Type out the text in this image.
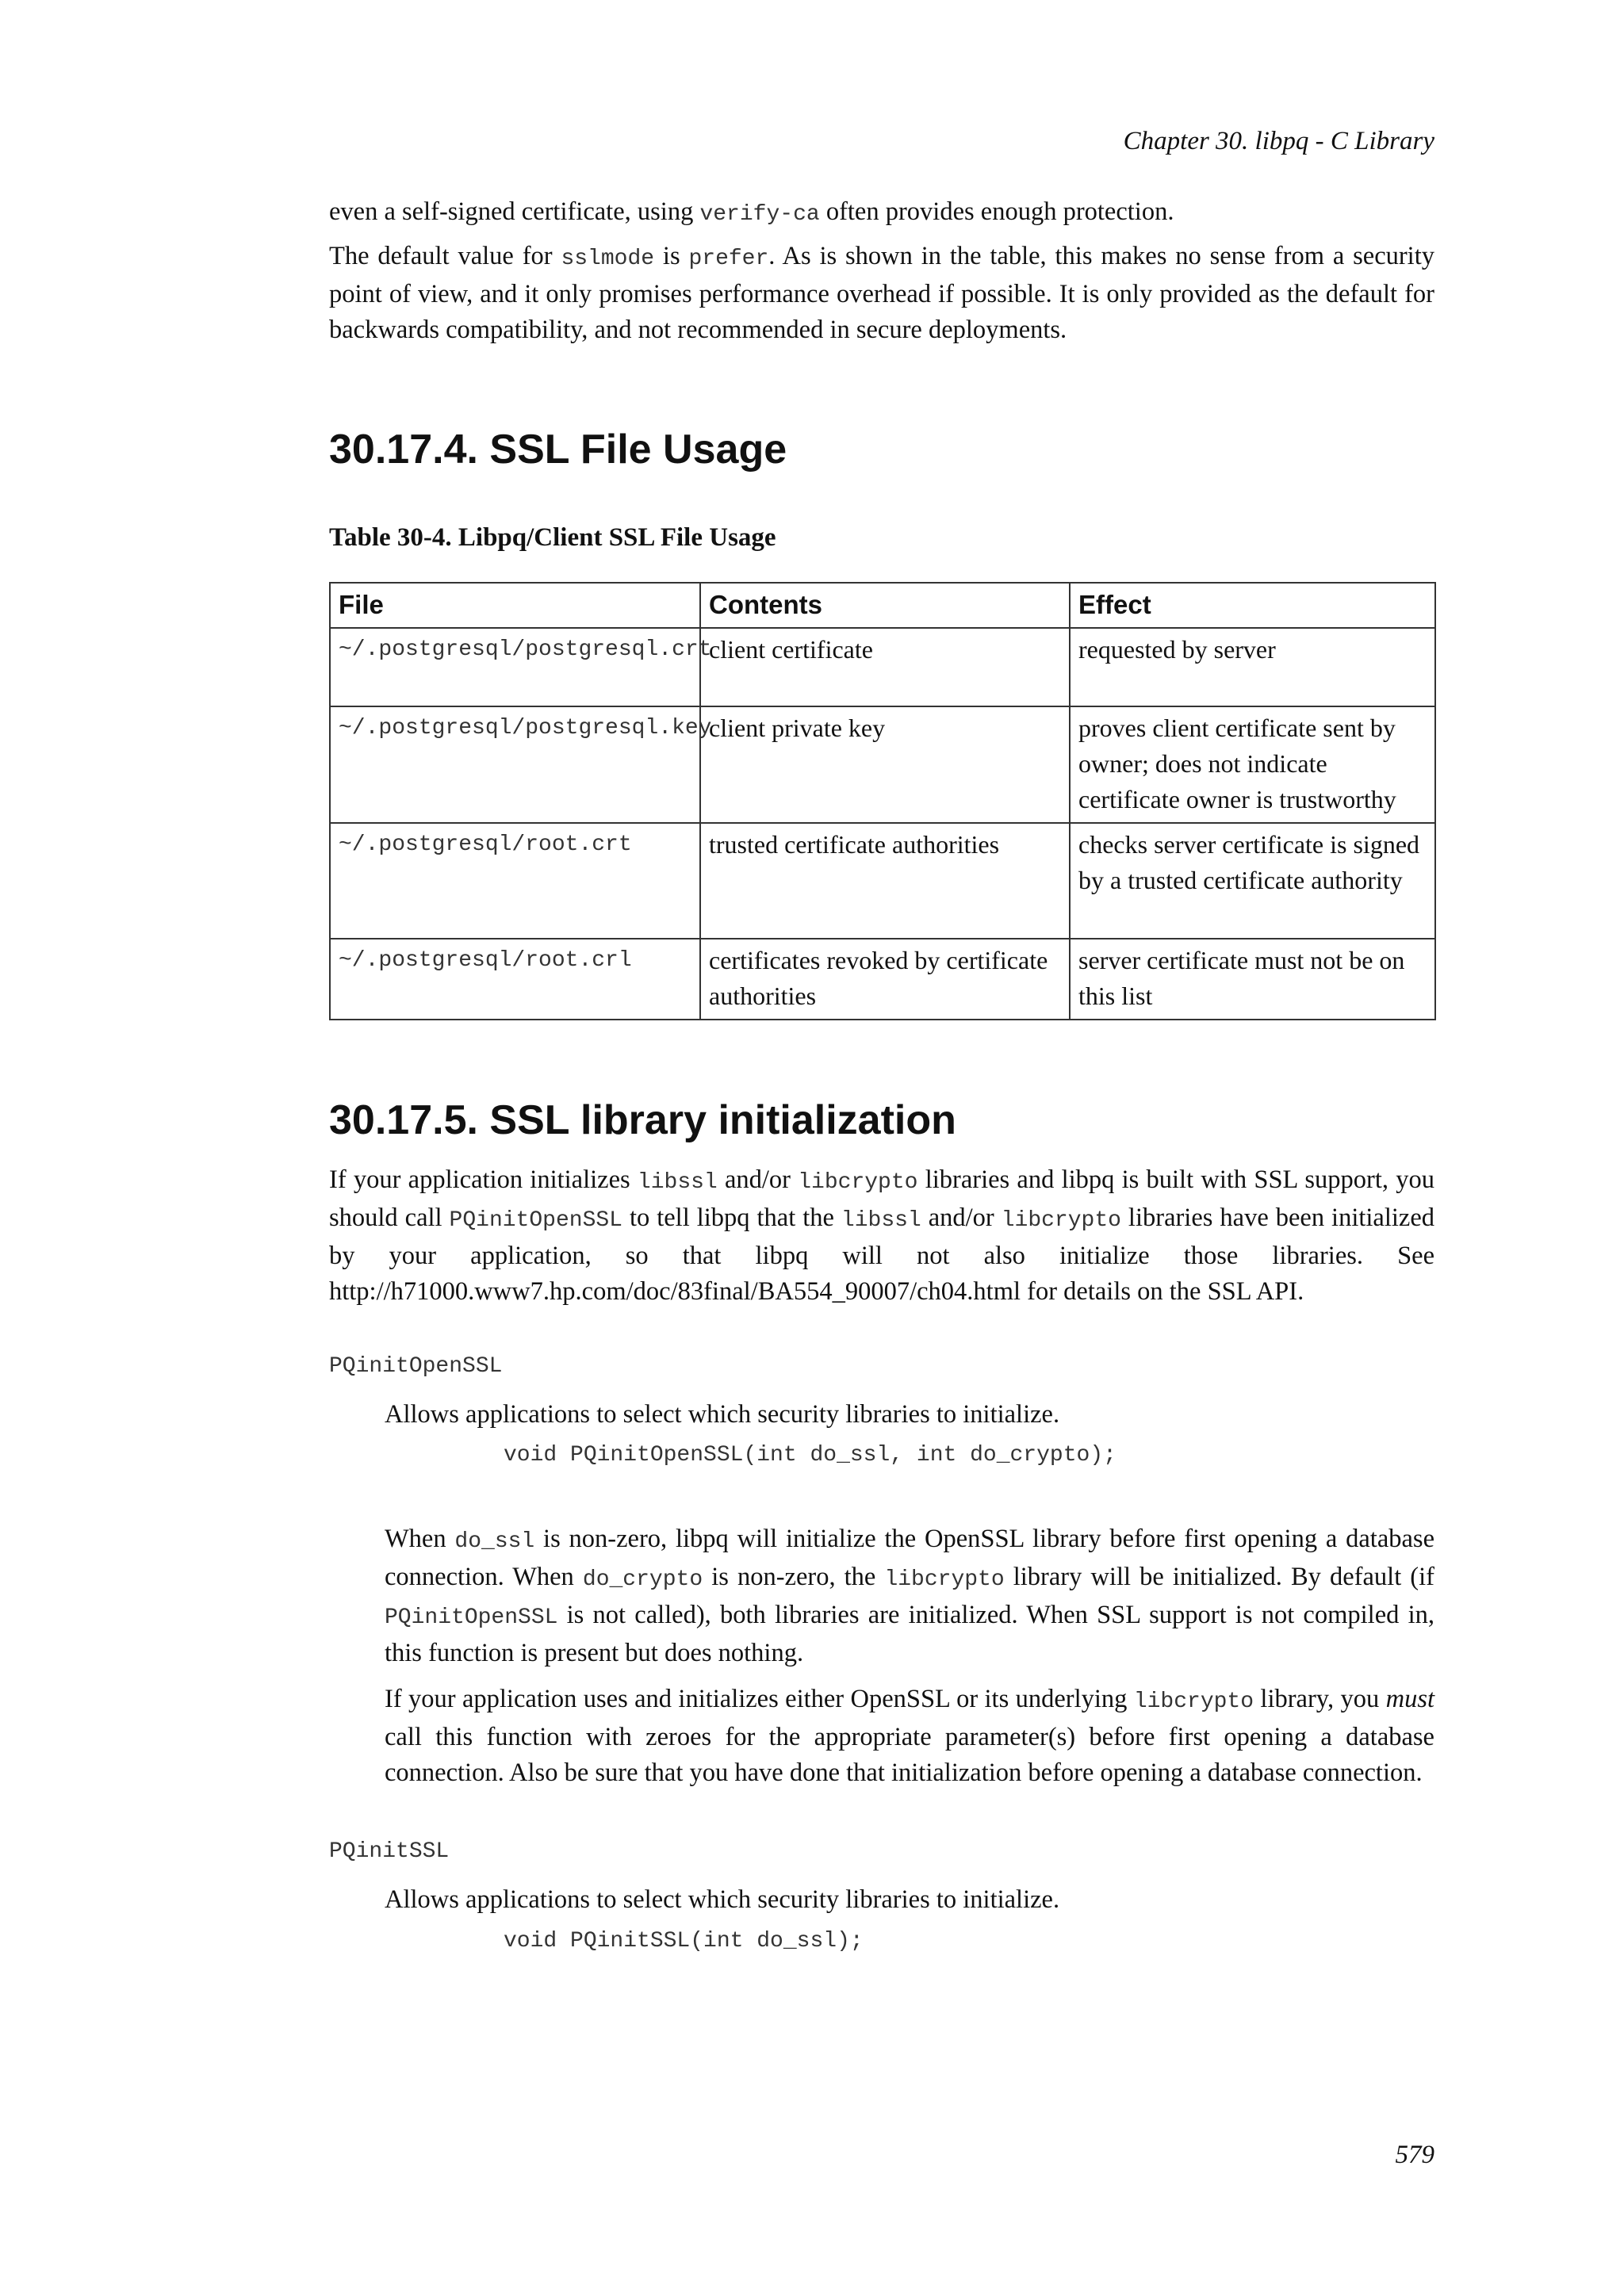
Chapter 30. libpq - C Library

even a self-signed certificate, using verify-ca often provides enough protection.

The default value for sslmode is prefer. As is shown in the table, this makes no sense from a security point of view, and it only promises performance overhead if possible. It is only provided as the default for backwards compatibility, and not recommended in secure deployments.

30.17.4. SSL File Usage
Table 30-4. Libpq/Client SSL File Usage
File	Contents	Effect
~/.postgresql/postgresql.crt	client certificate	requested by server
~/.postgresql/postgresql.key	client private key	proves client certificate sent by owner; does not indicate certificate owner is trustworthy
~/.postgresql/root.crt	trusted certificate authorities	checks server certificate is signed by a trusted certificate authority
~/.postgresql/root.crl	certificates revoked by certificate authorities	server certificate must not be on this list
30.17.5. SSL library initialization

If your application initializes libssl and/or libcrypto libraries and libpq is built with SSL support, you should call PQinitOpenSSL to tell libpq that the libssl and/or libcrypto libraries have been initialized by your application, so that libpq will not also initialize those libraries. See http://h71000.www7.hp.com/doc/83final/BA554_90007/ch04.html for details on the SSL API.

PQinitOpenSSL

Allows applications to select which security libraries to initialize.

void PQinitOpenSSL(int do_ssl, int do_crypto);

When do_ssl is non-zero, libpq will initialize the OpenSSL library before first opening a database connection. When do_crypto is non-zero, the libcrypto library will be initialized. By default (if PQinitOpenSSL is not called), both libraries are initialized. When SSL support is not compiled in, this function is present but does nothing.

If your application uses and initializes either OpenSSL or its underlying libcrypto library, you must call this function with zeroes for the appropriate parameter(s) before first opening a database connection. Also be sure that you have done that initialization before opening a database connection.

PQinitSSL

Allows applications to select which security libraries to initialize.

void PQinitSSL(int do_ssl);
579
